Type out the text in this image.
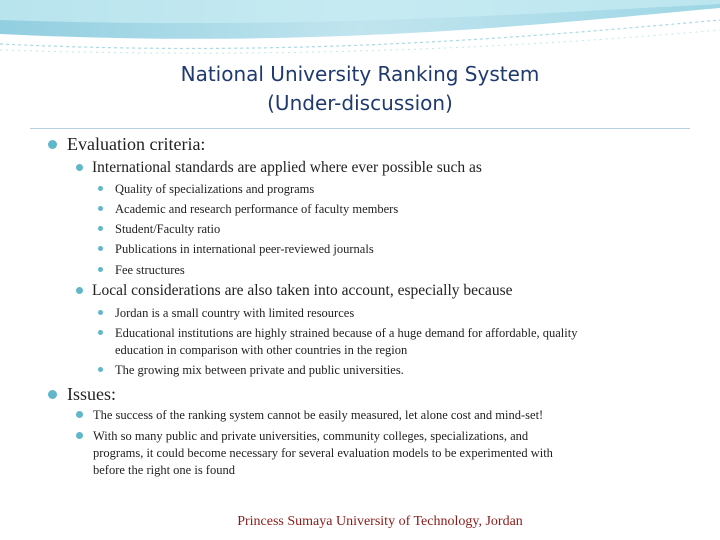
National University Ranking System
(Under-discussion)
Evaluation criteria:
International standards are applied where ever possible such as
Quality of specializations and programs
Academic and research performance of faculty members
Student/Faculty ratio
Publications in international peer-reviewed journals
Fee structures
Local considerations are also taken into account, especially because
Jordan is a small country with limited resources
Educational institutions are highly strained because of a huge demand for affordable, quality
education in comparison with other countries in the region
The growing mix between private and public universities.
Issues:
The success of the ranking system cannot be easily measured, let alone cost and mind-set!
With so many public and private universities, community colleges, specializations, and
programs, it could become necessary for several evaluation models to be experimented with
before the right one is found
Princess Sumaya University of Technology, Jordan
